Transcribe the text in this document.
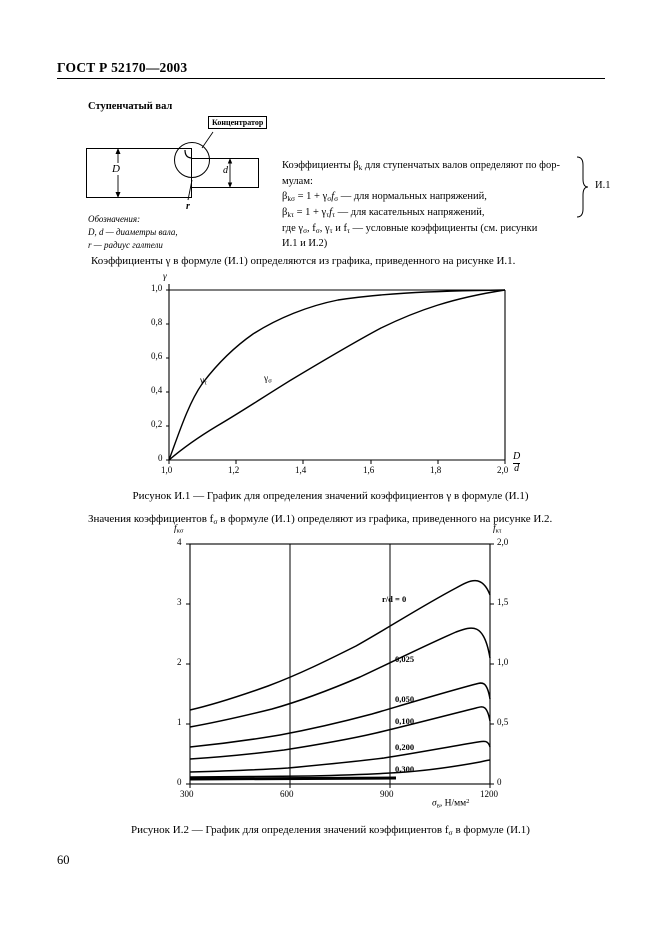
ГОСТ Р 52170—2003
Ступенчатый вал
Концентратор
D	d
r
Обозначения:
D, d — диаметры вала,
r — радиус галтели
Коэффициенты $\beta_k$ для ступенчатых валов определяют по фор-
мулам:
$\beta_{k\sigma} = 1 + \gamma_\sigma f_\sigma$ — для нормальных напряжений,
$\beta_{k\tau} = 1 + \gamma_\tau f_\tau$ — для касательных напряжений,
где $\gamma_\sigma$, $f_\sigma$, $\gamma_\tau$ и $f_\tau$ — условные коэффициенты (см. рисунки
И.1 и И.2)
И.1
Коэффициенты γ в формуле (И.1) определяются из графика, приведенного на рисунке И.1.
γ
1,0
0,8
0,6
0,4
0,2
0
1,0	1,2	1,4	1,6	1,8	$2,0 \frac{D}{d}$
$\gamma_\tau$	$\gamma_\sigma$
Рисунок И.1 — График для определения значений коэффициентов γ в формуле (И.1)
Значения коэффициентов $f_\sigma$ в формуле (И.1) определяют из графика, приведенного на рисунке И.2.
$f_{к\sigma}$	$f_{к\tau}$
4
3
2
1
0
2,0
1,5
1,0
0,5
0
300	600	900	1200
$\sigma_в$, $Н/мм^2$
r/d = 0
0,025
0,050
0,100
0,200
0,300
Рисунок И.2 — График для определения значений коэффициентов $f_\sigma$ в формуле (И.1)
60
